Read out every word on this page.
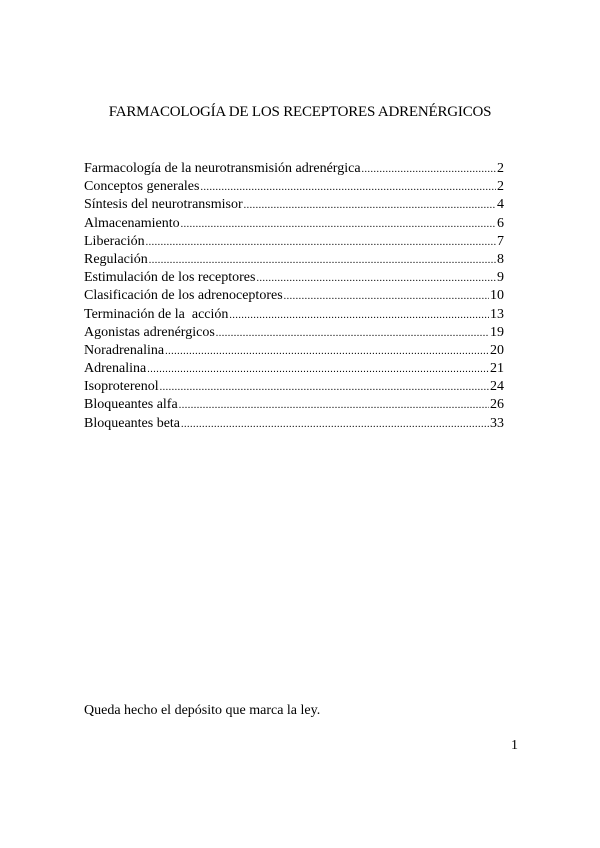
FARMACOLOGÍA DE LOS RECEPTORES ADRENÉRGICOS
Farmacología de la neurotransmisión adrenérgica .....	2
Conceptos generales .....	2
Síntesis del neurotransmisor .....	4
Almacenamiento .....	6
Liberación .....	7
Regulación .....	8
Estimulación de los receptores .....	9
Clasificación de los adrenoceptores .....	10
Terminación de la  acción .....	13
Agonistas adrenérgicos .....	19
Noradrenalina .....	20
Adrenalina .....	21
Isoproterenol .....	24
Bloqueantes alfa .....	26
Bloqueantes beta .....	33
Queda hecho el depósito que marca la ley.
1
